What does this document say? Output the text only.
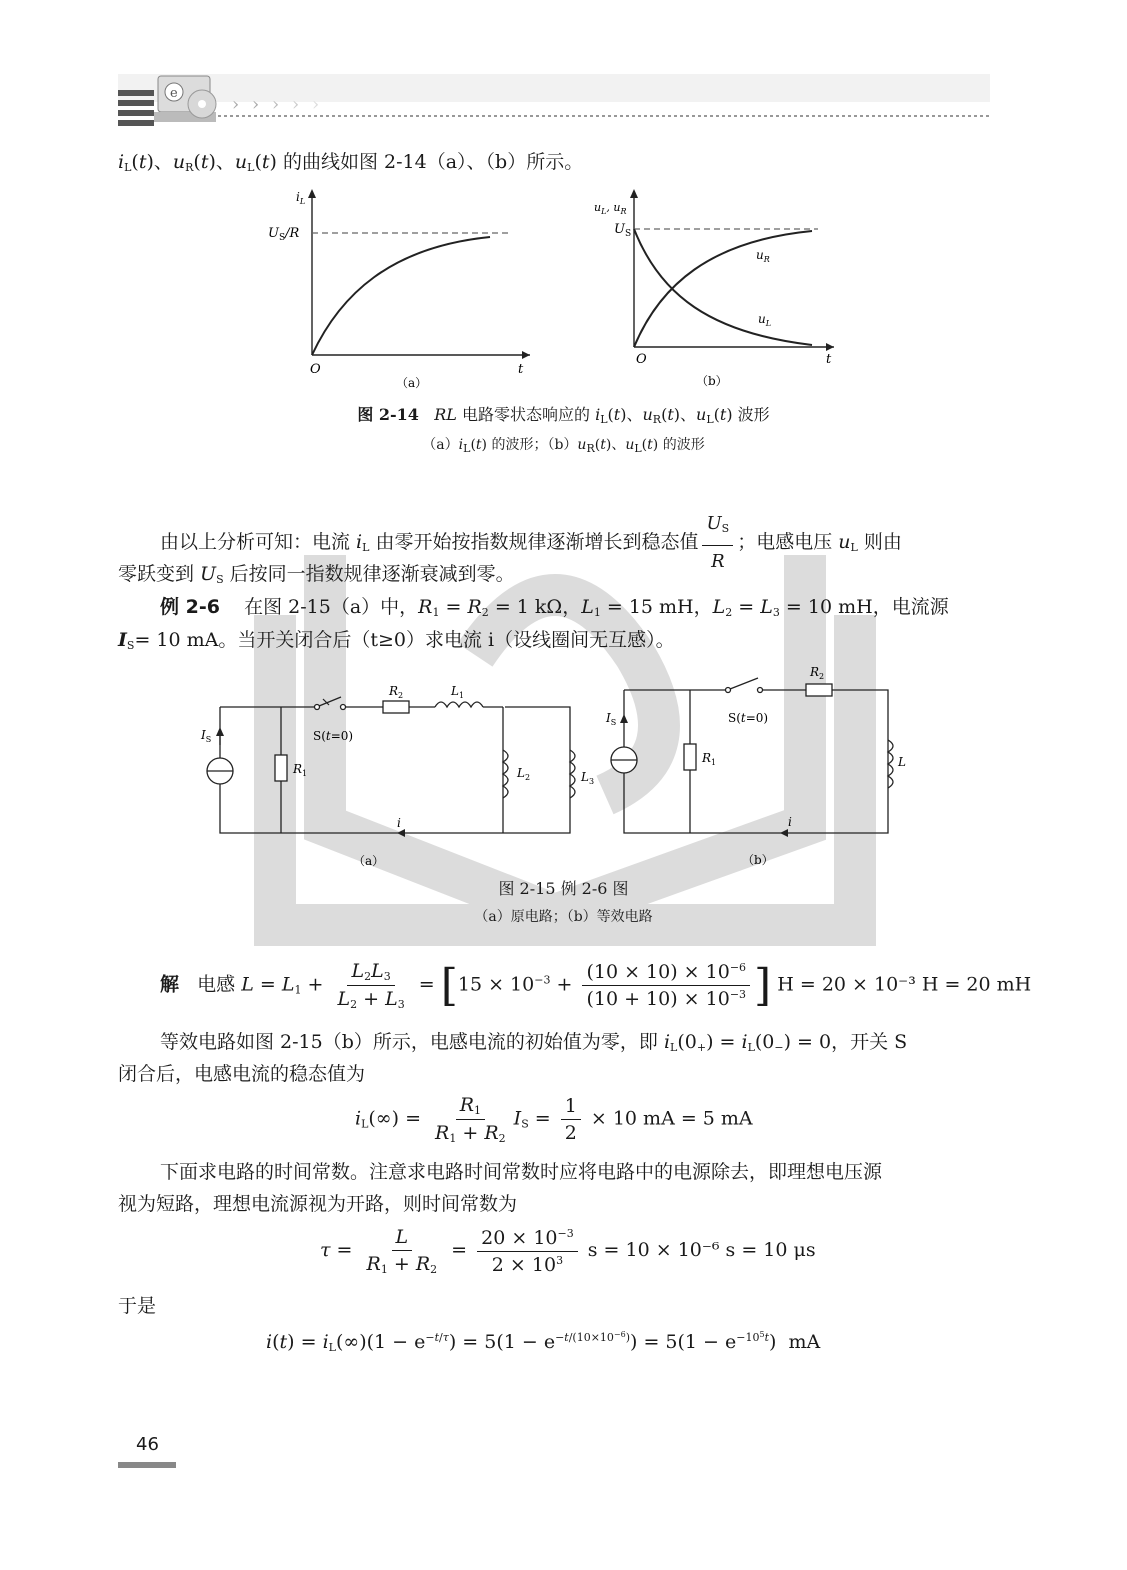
e
› › › › ›
$i_L(t)$、$u_R(t)$、$u_L(t)$ 的曲线如图 2-14（a）、（b）所示。
$i_L$
$U_S/R$
O	t
（a）
$u_L$, $u_R$
$U_S$
$u_R$
$u_L$
O	t
（b）
图 2-14 RL 电路零状态响应的 $i_L(t)$、$u_R(t)$、$u_L(t)$ 波形
$(a)i_L(t)$ 的波形；$(b)u_R(t)$、$u_L(t)$ 的波形
由以上分析可知：电流 $i_L$ 由零开始按指数规律逐渐增长到稳态值 $\frac{U_S}{R}$ ；电感电压 $u_L$ 则由
零跃变到 $U_S$ 后按同一指数规律逐渐衰减到零。
例 2-6    在图 2-15（a）中，$R_1 = R_2 = 1$ kΩ，$L_1 = 15$ mH，$L_2 = L_3 = 10$ mH，电流源
$I_S= 10$ mA。当开关闭合后（t≥0）求电流 i（设线圈间无互感）。
$I_S$
$R_1$
$R_2$	$L_1$
$L_2$	$L_3$
S(t=0)
i
（a）
$I_S$
$R_1$
$R_2$
L
S(t=0)
i
（b）
图 2-15 例 2-6 图
（a）原电路；（b）等效电路
解 电感 $L = L_1 + \frac{L_2L_3}{L_2 + L_3} = [15 \times 10^{-3} + \frac{(10 \times 10) \times 10^{-6}}{(10 + 10) \times 10^{-3}}$ ] H = 20 × 10⁻³ H = 20 mH
等效电路如图 2-15（b）所示，电感电流的初始值为零，即 $i_L(0_+) = i_L(0_-) = 0$，开关 S
闭合后，电感电流的稳态值为
$i_L(\infty) = \frac{R_1}{R_1 + R_2} I_S = \frac{1}{2} \times 10$ mA = 5 mA
下面求电路的时间常数。注意求电路时间常数时应将电路中的电源除去，即理想电压源
视为短路，理想电流源视为开路，则时间常数为
$\tau = \frac{L}{R_1 + R_2} = \frac{20 \times 10^{-3}}{2 \times 10^3}$ s = 10 × 10⁻⁶ s = 10 μs
于是
$i(t) = i_L(\infty)(1 - e^{-t/\tau}) = 5(1 - e^{-t/(10\times 10^{-6})}) = 5(1 - e^{-10^5t})$  mA
46
